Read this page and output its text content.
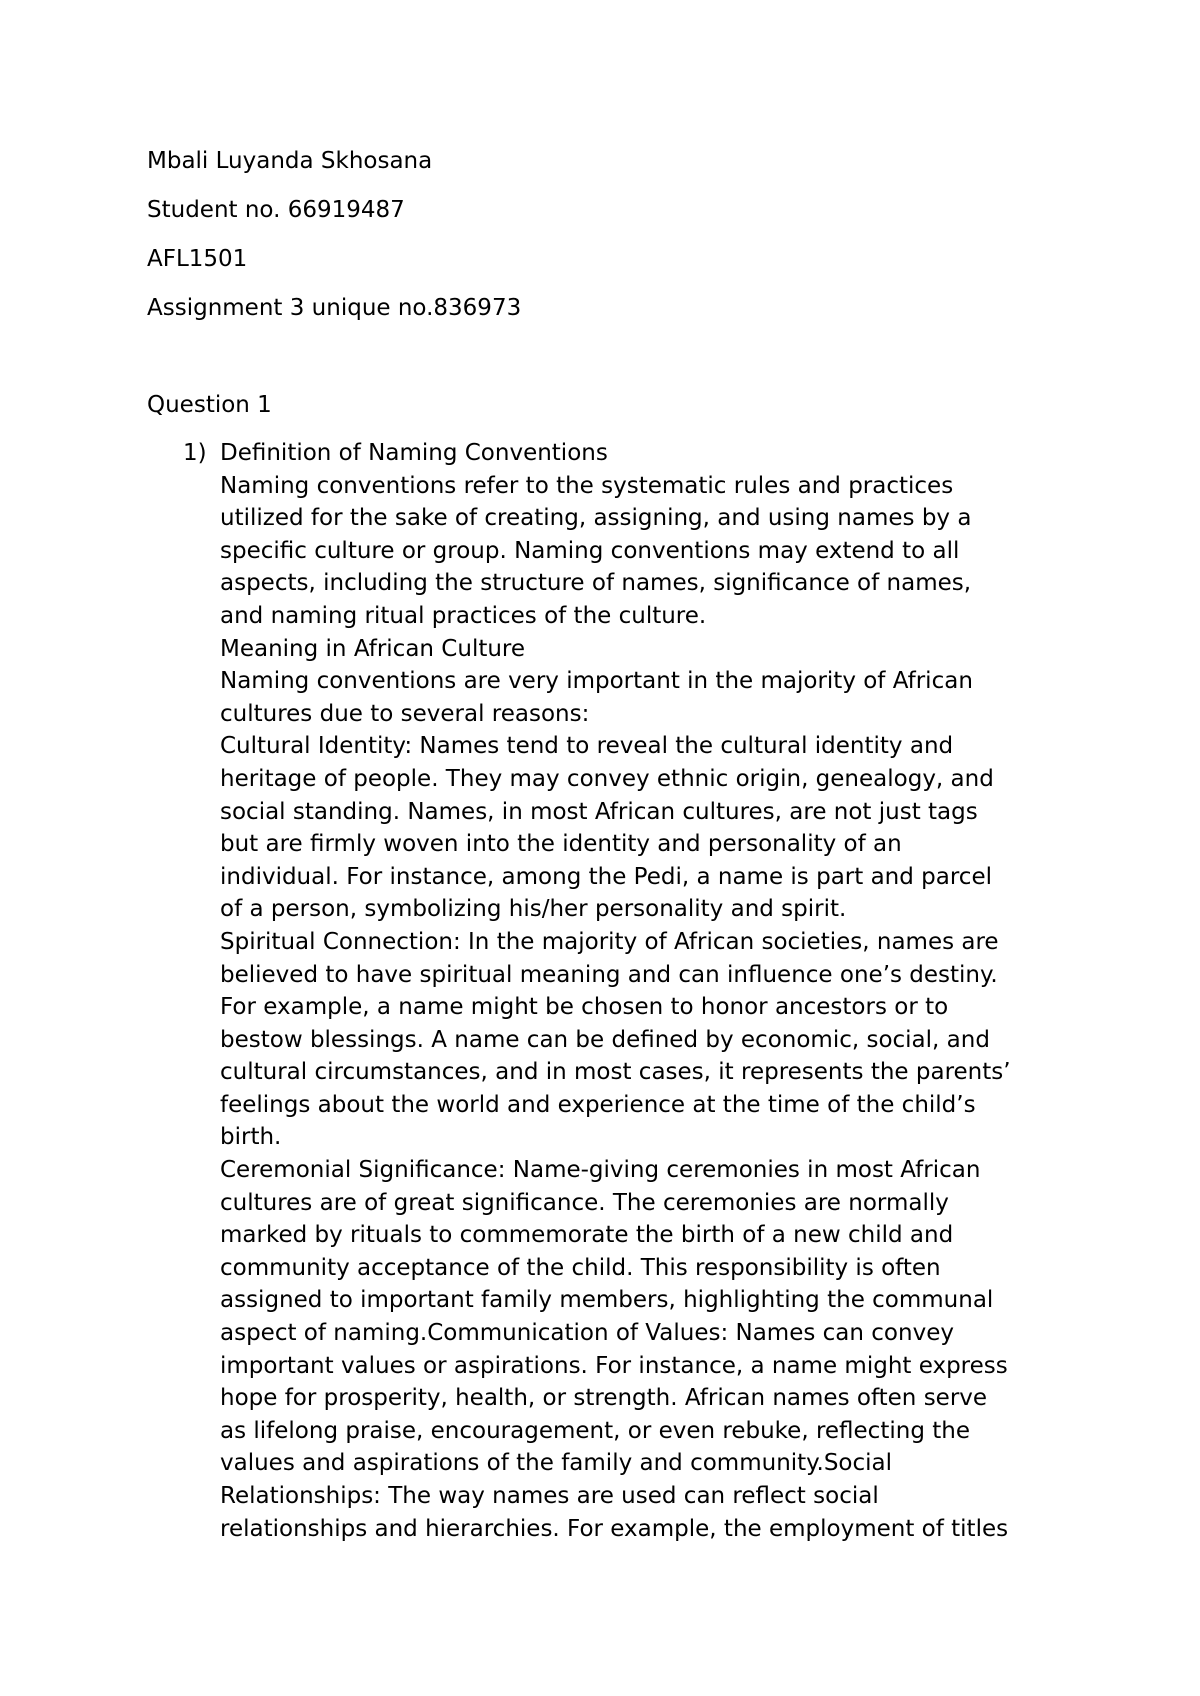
Mbali Luyanda Skhosana
Student no. 66919487
AFL1501
Assignment 3 unique no.836973
Question 1
1) Definition of Naming Conventions
Naming conventions refer to the systematic rules and practices
utilized for the sake of creating, assigning, and using names by a
specific culture or group. Naming conventions may extend to all
aspects, including the structure of names, significance of names,
and naming ritual practices of the culture.
Meaning in African Culture
Naming conventions are very important in the majority of African
cultures due to several reasons:
Cultural Identity: Names tend to reveal the cultural identity and
heritage of people. They may convey ethnic origin, genealogy, and
social standing. Names, in most African cultures, are not just tags
but are firmly woven into the identity and personality of an
individual. For instance, among the Pedi, a name is part and parcel
of a person, symbolizing his/her personality and spirit.
Spiritual Connection: In the majority of African societies, names are
believed to have spiritual meaning and can influence one’s destiny.
For example, a name might be chosen to honor ancestors or to
bestow blessings. A name can be defined by economic, social, and
cultural circumstances, and in most cases, it represents the parents’
feelings about the world and experience at the time of the child’s
birth.
Ceremonial Significance: Name-giving ceremonies in most African
cultures are of great significance. The ceremonies are normally
marked by rituals to commemorate the birth of a new child and
community acceptance of the child. This responsibility is often
assigned to important family members, highlighting the communal
aspect of naming.Communication of Values: Names can convey
important values or aspirations. For instance, a name might express
hope for prosperity, health, or strength. African names often serve
as lifelong praise, encouragement, or even rebuke, reflecting the
values and aspirations of the family and community.Social
Relationships: The way names are used can reflect social
relationships and hierarchies. For example, the employment of titles
